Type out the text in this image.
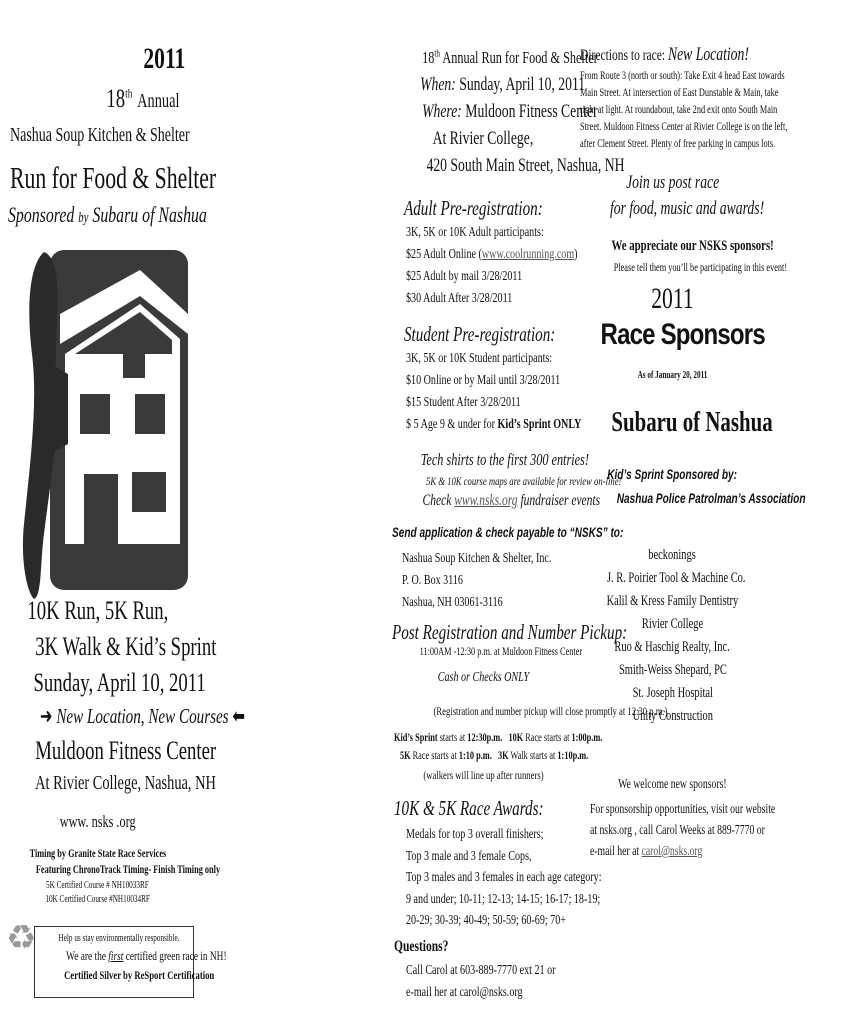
2011
18th Annual
Nashua Soup Kitchen & Shelter
Run for Food & Shelter
Sponsored by Subaru of Nashua
10K Run, 5K Run,
3K Walk & Kid’s Sprint
Sunday, April 10, 2011
➜ New Location, New Courses ⬅
Muldoon Fitness Center
At Rivier College, Nashua, NH
www. nsks .org
Timing by Granite State Race Services
Featuring ChronoTrack Timing- Finish Timing only
5K Certified Course # NH10033RF
10K Certified Course #NH10034RF
♻	Help us stay environmentally responsible.
We are the first certified green race in NH!
Certified Silver by ReSport Certification
18th Annual Run for Food & Shelter
When: Sunday, April 10, 2011
Where: Muldoon Fitness Center
At Rivier College,
420 South Main Street, Nashua, NH
Adult Pre-registration:
3K, 5K or 10K Adult participants:
$25 Adult Online (www.coolrunning.com)
$25 Adult by mail 3/28/2011
$30 Adult After 3/28/2011
Student Pre-registration:
3K, 5K or 10K Student participants:
$10 Online or by Mail until 3/28/2011
$15 Student After 3/28/2011
$ 5 Age 9 & under for Kid’s Sprint ONLY
Tech shirts to the first 300 entries!
5K & 10K course maps are available for review on-line!
Check www.nsks.org fundraiser events
Send application & check payable to “NSKS” to:
Nashua Soup Kitchen & Shelter, Inc.
P. O. Box 3116
Nashua, NH 03061-3116
Post Registration and Number Pickup:
11:00AM -12:30 p.m. at Muldoon Fitness Center
Cash or Checks ONLY
(Registration and number pickup will close promptly at 12:30 p.m.)
Kid’s Sprint starts at 12:30p.m. 10K Race starts at 1:00p.m.
5K Race starts at 1:10 p.m. 3K Walk starts at 1:10p.m.
(walkers will line up after runners)
10K & 5K Race Awards:
Medals for top 3 overall finishers;
Top 3 male and 3 female Cops,
Top 3 males and 3 females in each age category:
9 and under; 10-11; 12-13; 14-15; 16-17; 18-19;
20-29; 30-39; 40-49; 50-59; 60-69; 70+
Questions?
Call Carol at 603-889-7770 ext 21 or
e-mail her at carol@nsks.org
Directions to race: New Location!
From Route 3 (north or south): Take Exit 4 head East towards
Main Street. At intersection of East Dunstable & Main, take
right at light. At roundabout, take 2nd exit onto South Main
Street. Muldoon Fitness Center at Rivier College is on the left,
after Clement Street. Plenty of free parking in campus lots.
Join us post race
for food, music and awards!
We appreciate our NSKS sponsors!
Please tell them you’ll be participating in this event!
2011
Race Sponsors
As of January 20, 2011
Subaru of Nashua
Kid’s Sprint Sponsored by:
Nashua Police Patrolman’s Association
beckonings
J. R. Poirier Tool & Machine Co.
Kalil & Kress Family Dentistry
Rivier College
Ruo & Haschig Realty, Inc.
Smith-Weiss Shepard, PC
St. Joseph Hospital
Unity Construction
We welcome new sponsors!
For sponsorship opportunities, visit our website
at nsks.org , call Carol Weeks at 889-7770 or
e-mail her at carol@nsks.org
